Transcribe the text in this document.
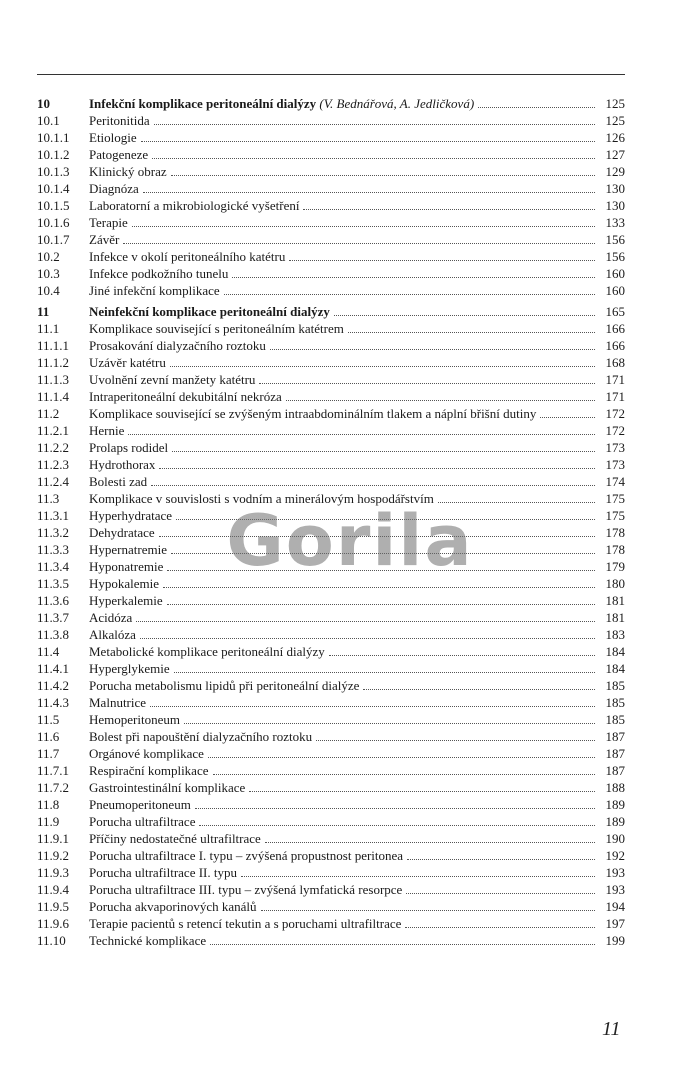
10	Infekční komplikace peritoneální dialýzy (V. Bednářová, A. Jedličková)	125
10.1	Peritonitida	125
10.1.1	Etiologie	126
10.1.2	Patogeneze	127
10.1.3	Klinický obraz	129
10.1.4	Diagnóza	130
10.1.5	Laboratorní a mikrobiologické vyšetření	130
10.1.6	Terapie	133
10.1.7	Závěr	156
10.2	Infekce v okolí peritoneálního katétru	156
10.3	Infekce podkožního tunelu	160
10.4	Jiné infekční komplikace	160
11	Neinfekční komplikace peritoneální dialýzy	165
11.1	Komplikace související s peritoneálním katétrem	166
11.1.1	Prosakování dialyzačního roztoku	166
11.1.2	Uzávěr katétru	168
11.1.3	Uvolnění zevní manžety katétru	171
11.1.4	Intraperitoneální dekubitální nekróza	171
11.2	Komplikace související se zvýšeným intraabdominálním tlakem a náplní břišní dutiny	172
11.2.1	Hernie	172
11.2.2	Prolaps rodidel	173
11.2.3	Hydrothorax	173
11.2.4	Bolesti zad	174
11.3	Komplikace v souvislosti s vodním a minerálovým hospodářstvím	175
11.3.1	Hyperhydratace	175
11.3.2	Dehydratace	178
11.3.3	Hypernatremie	178
11.3.4	Hyponatremie	179
11.3.5	Hypokalemie	180
11.3.6	Hyperkalemie	181
11.3.7	Acidóza	181
11.3.8	Alkalóza	183
11.4	Metabolické komplikace peritoneální dialýzy	184
11.4.1	Hyperglykemie	184
11.4.2	Porucha metabolismu lipidů při peritoneální dialýze	185
11.4.3	Malnutrice	185
11.5	Hemoperitoneum	185
11.6	Bolest při napouštění dialyzačního roztoku	187
11.7	Orgánové komplikace	187
11.7.1	Respirační komplikace	187
11.7.2	Gastrointestinální komplikace	188
11.8	Pneumoperitoneum	189
11.9	Porucha ultrafiltrace	189
11.9.1	Příčiny nedostatečné ultrafiltrace	190
11.9.2	Porucha ultrafiltrace I. typu – zvýšená propustnost peritonea	192
11.9.3	Porucha ultrafiltrace II. typu	193
11.9.4	Porucha ultrafiltrace III. typu – zvýšená lymfatická resorpce	193
11.9.5	Porucha akvaporinových kanálů	194
11.9.6	Terapie pacientů s retencí tekutin a s poruchami ultrafiltrace	197
11.10	Technické komplikace	199
Gorila
11
